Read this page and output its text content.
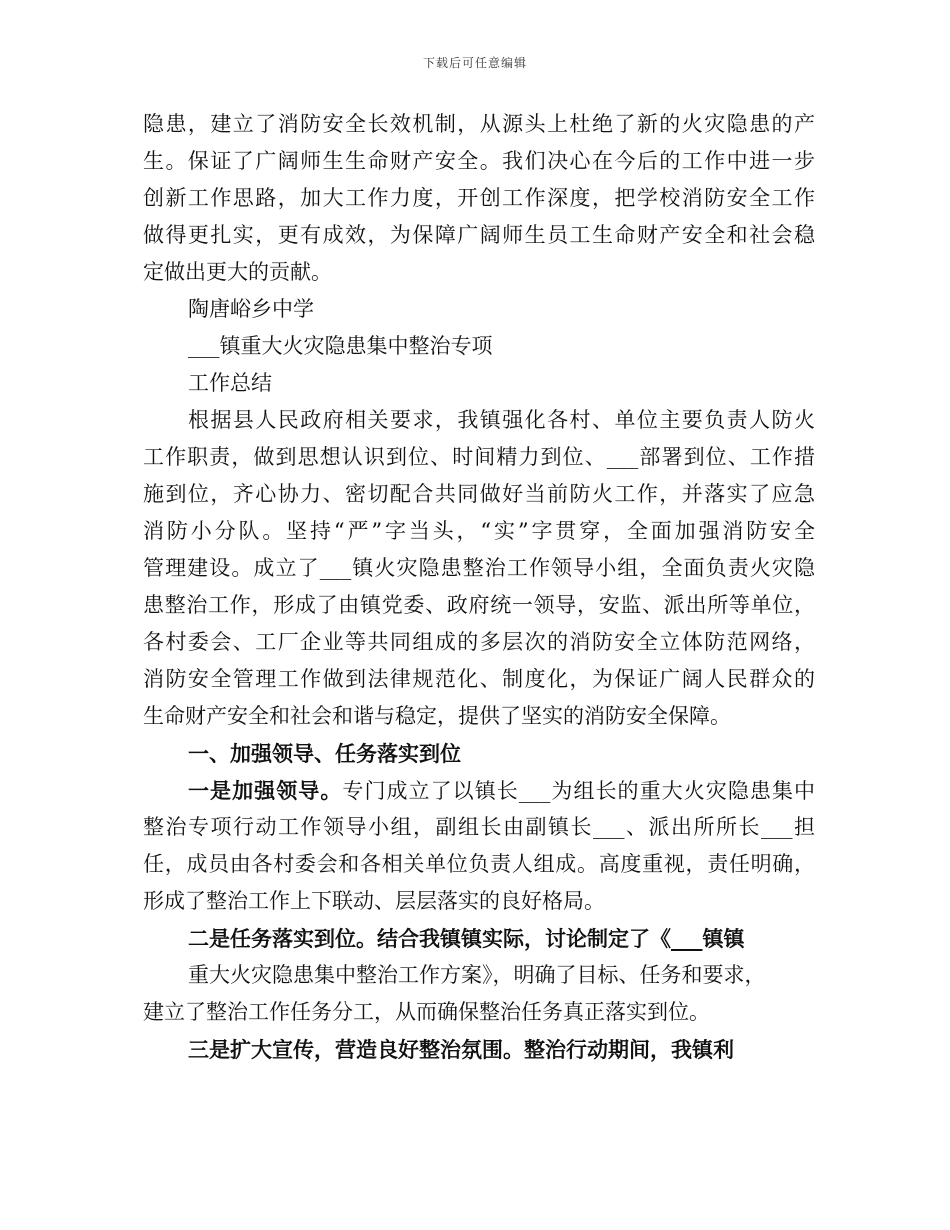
下载后可任意编辑
隐患，建立了消防安全长效机制，从源头上杜绝了新的火灾隐患的产
生。保证了广阔师生生命财产安全。我们决心在今后的工作中进一步
创新工作思路，加大工作力度，开创工作深度，把学校消防安全工作
做得更扎实，更有成效，为保障广阔师生员工生命财产安全和社会稳
定做出更大的贡献。
陶唐峪乡中学
___镇重大火灾隐患集中整治专项
工作总结
根据县人民政府相关要求，我镇强化各村、单位主要负责人防火
工作职责，做到思想认识到位、时间精力到位、___部署到位、工作措
施到位，齐心协力、密切配合共同做好当前防火工作，并落实了应急
消防小分队。坚持“严”字当头，“实”字贯穿，全面加强消防安全
管理建设。成立了___镇火灾隐患整治工作领导小组，全面负责火灾隐
患整治工作，形成了由镇党委、政府统一领导，安监、派出所等单位，
各村委会、工厂企业等共同组成的多层次的消防安全立体防范网络，
消防安全管理工作做到法律规范化、制度化，为保证广阔人民群众的
生命财产安全和社会和谐与稳定，提供了坚实的消防安全保障。
一、加强领导、任务落实到位
一是加强领导。专门成立了以镇长___为组长的重大火灾隐患集中
整治专项行动工作领导小组，副组长由副镇长___、派出所所长___担
任，成员由各村委会和各相关单位负责人组成。高度重视，责任明确，
形成了整治工作上下联动、层层落实的良好格局。
二是任务落实到位。结合我镇镇实际，讨论制定了《___镇镇
重大火灾隐患集中整治工作方案》，明确了目标、任务和要求，
建立了整治工作任务分工，从而确保整治任务真正落实到位。
三是扩大宣传，营造良好整治氛围。整治行动期间，我镇利
